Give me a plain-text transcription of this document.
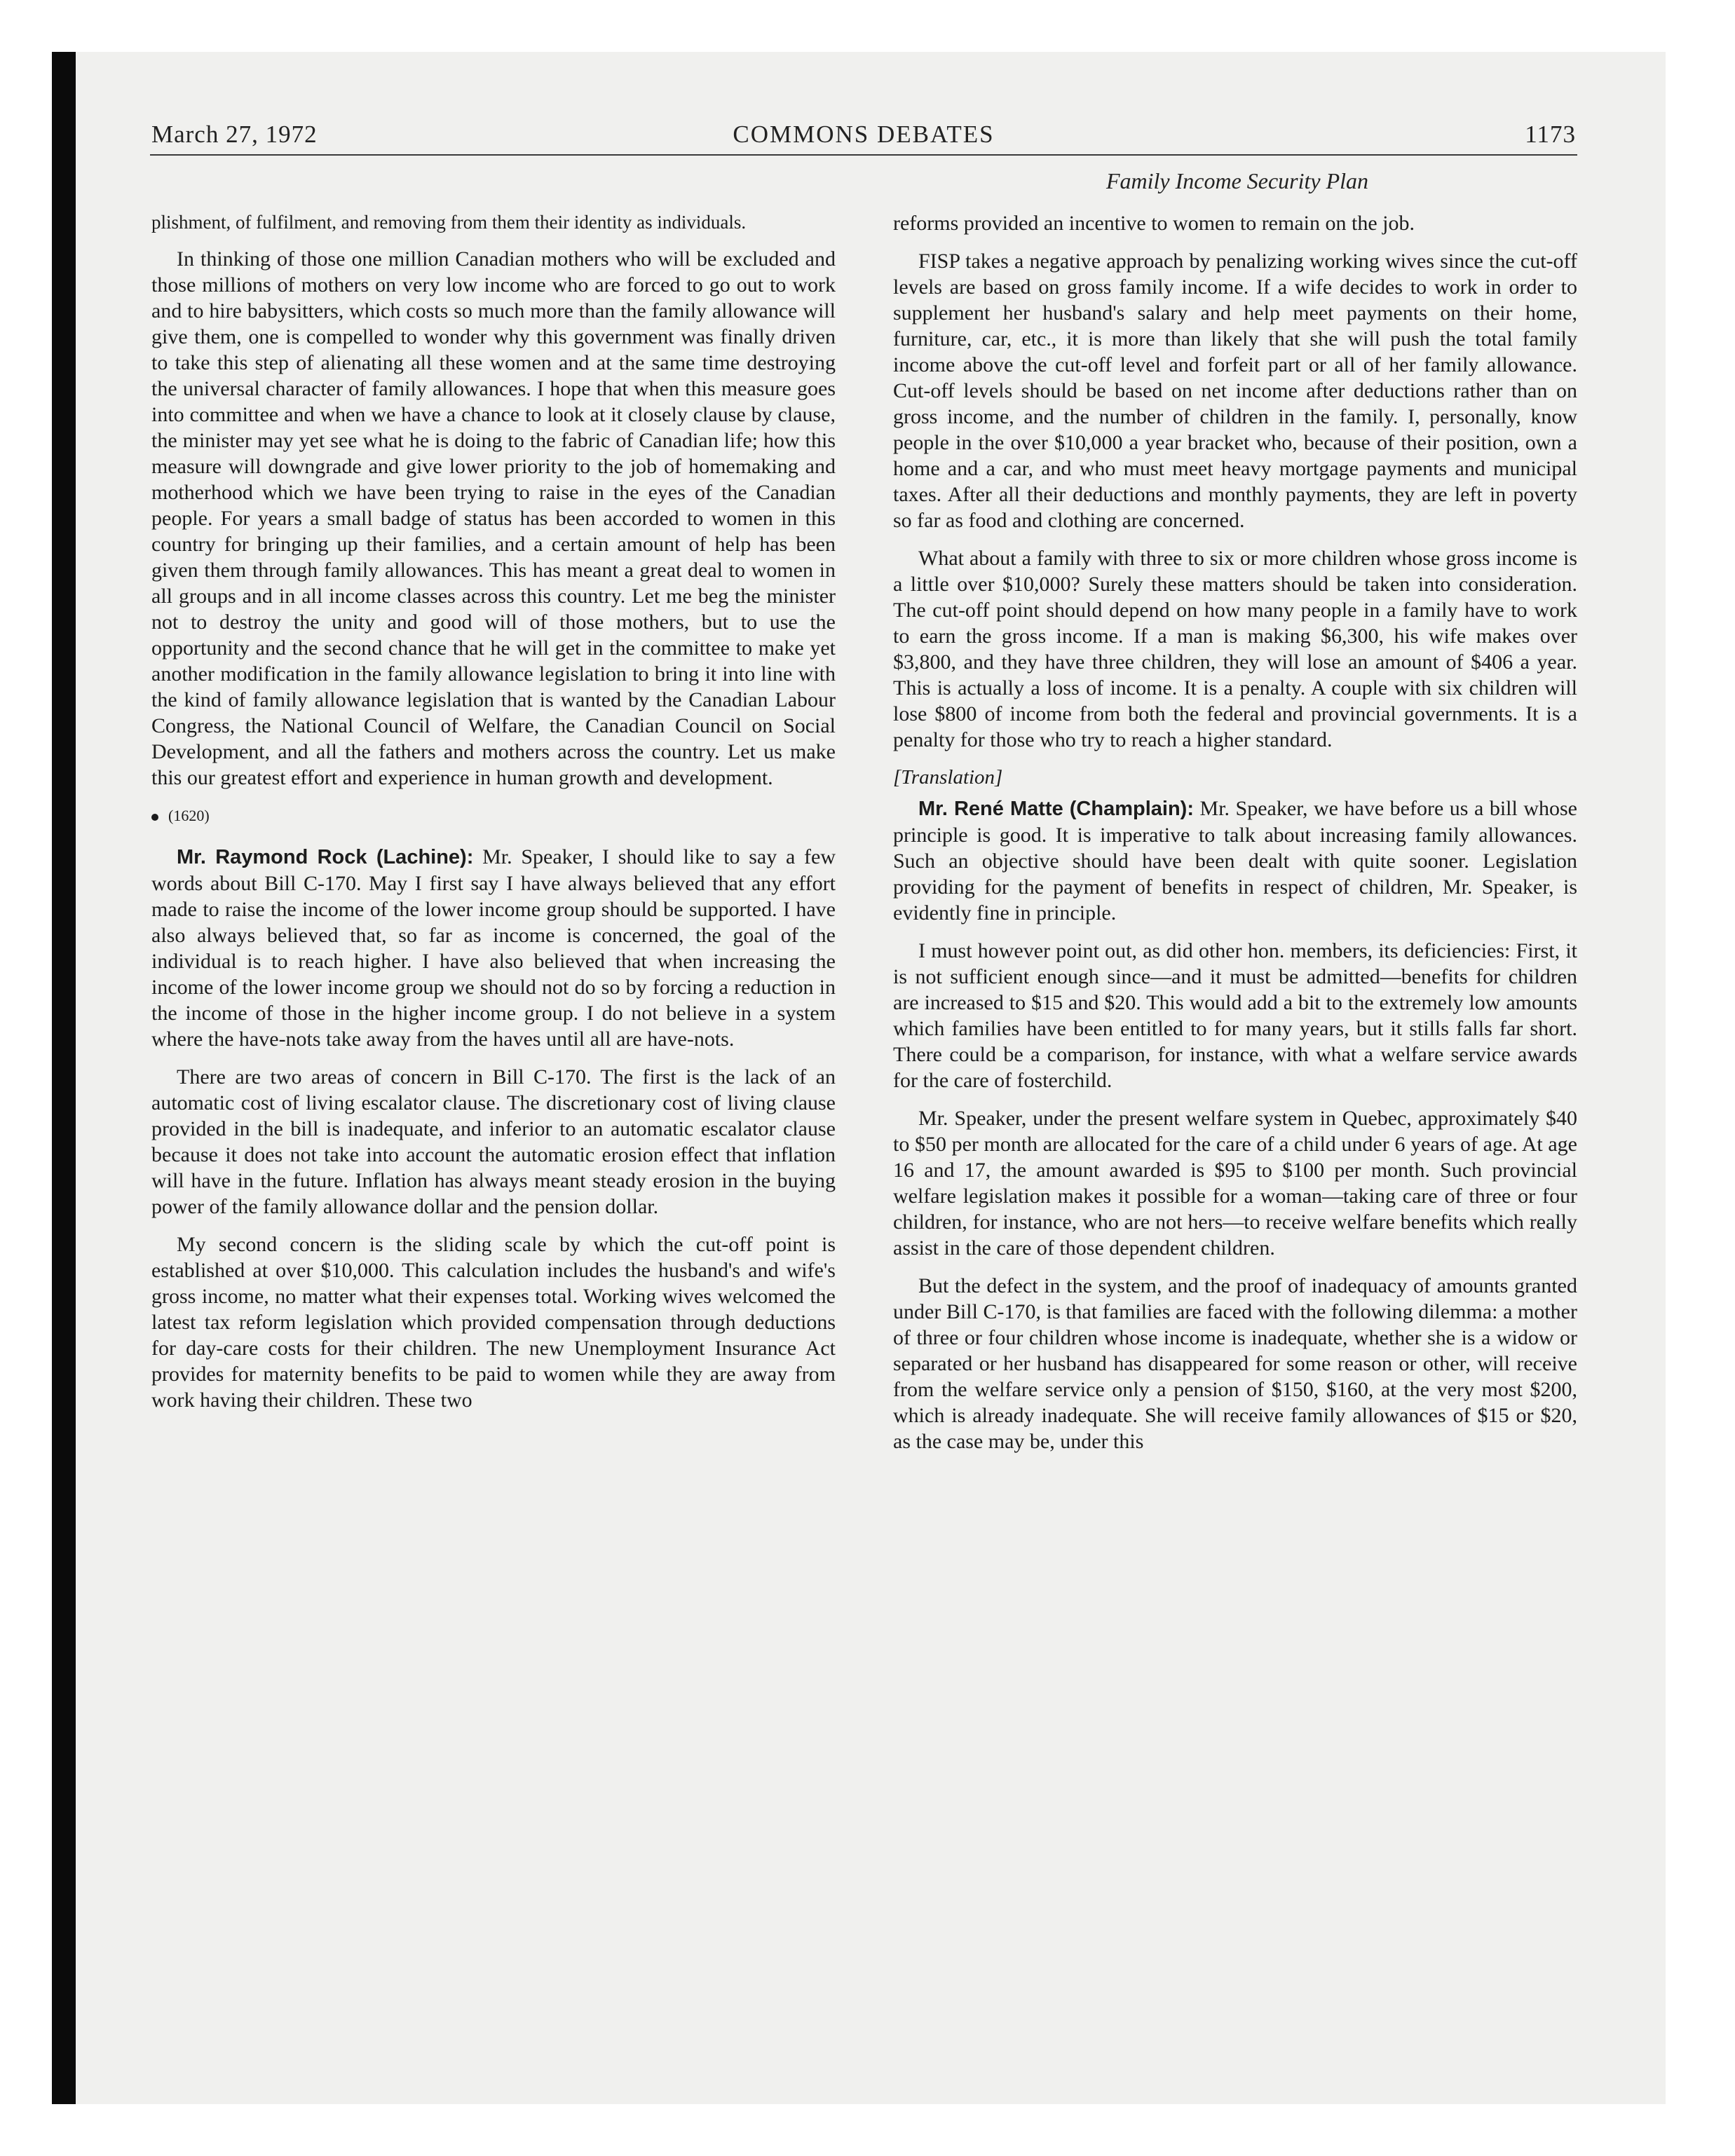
March 27, 1972	COMMONS DEBATES	1173
Family Income Security Plan

plishment, of fulfilment, and removing from them their identity as individuals.

In thinking of those one million Canadian mothers who will be excluded and those millions of mothers on very low income who are forced to go out to work and to hire babysitters, which costs so much more than the family allowance will give them, one is compelled to wonder why this government was finally driven to take this step of alienating all these women and at the same time destroying the universal character of family allowances. I hope that when this measure goes into committee and when we have a chance to look at it closely clause by clause, the minister may yet see what he is doing to the fabric of Canadian life; how this measure will downgrade and give lower priority to the job of homemaking and motherhood which we have been trying to raise in the eyes of the Canadian people. For years a small badge of status has been accorded to women in this country for bringing up their families, and a certain amount of help has been given them through family allowances. This has meant a great deal to women in all groups and in all income classes across this country. Let me beg the minister not to destroy the unity and good will of those mothers, but to use the opportunity and the second chance that he will get in the committee to make yet another modification in the family allowance legislation to bring it into line with the kind of family allowance legislation that is wanted by the Canadian Labour Congress, the National Council of Welfare, the Canadian Council on Social Development, and all the fathers and mothers across the country. Let us make this our greatest effort and experience in human growth and development.

(1620)

Mr. Raymond Rock (Lachine): Mr. Speaker, I should like to say a few words about Bill C-170. May I first say I have always believed that any effort made to raise the income of the lower income group should be supported. I have also always believed that, so far as income is concerned, the goal of the individual is to reach higher. I have also believed that when increasing the income of the lower income group we should not do so by forcing a reduction in the income of those in the higher income group. I do not believe in a system where the have-nots take away from the haves until all are have-nots.

There are two areas of concern in Bill C-170. The first is the lack of an automatic cost of living escalator clause. The discretionary cost of living clause provided in the bill is inadequate, and inferior to an automatic escalator clause because it does not take into account the automatic erosion effect that inflation will have in the future. Inflation has always meant steady erosion in the buying power of the family allowance dollar and the pension dollar.

My second concern is the sliding scale by which the cut-off point is established at over $10,000. This calculation includes the husband's and wife's gross income, no matter what their expenses total. Working wives welcomed the latest tax reform legislation which provided compensation through deductions for day-care costs for their children. The new Unemployment Insurance Act provides for maternity benefits to be paid to women while they are away from work having their children. These two

reforms provided an incentive to women to remain on the job.

FISP takes a negative approach by penalizing working wives since the cut-off levels are based on gross family income. If a wife decides to work in order to supplement her husband's salary and help meet payments on their home, furniture, car, etc., it is more than likely that she will push the total family income above the cut-off level and forfeit part or all of her family allowance. Cut-off levels should be based on net income after deductions rather than on gross income, and the number of children in the family. I, personally, know people in the over $10,000 a year bracket who, because of their position, own a home and a car, and who must meet heavy mortgage payments and municipal taxes. After all their deductions and monthly payments, they are left in poverty so far as food and clothing are concerned.

What about a family with three to six or more children whose gross income is a little over $10,000? Surely these matters should be taken into consideration. The cut-off point should depend on how many people in a family have to work to earn the gross income. If a man is making $6,300, his wife makes over $3,800, and they have three children, they will lose an amount of $406 a year. This is actually a loss of income. It is a penalty. A couple with six children will lose $800 of income from both the federal and provincial governments. It is a penalty for those who try to reach a higher standard.

[Translation]

Mr. René Matte (Champlain): Mr. Speaker, we have before us a bill whose principle is good. It is imperative to talk about increasing family allowances. Such an objective should have been dealt with quite sooner. Legislation providing for the payment of benefits in respect of children, Mr. Speaker, is evidently fine in principle.

I must however point out, as did other hon. members, its deficiencies: First, it is not sufficient enough since—and it must be admitted—benefits for children are increased to $15 and $20. This would add a bit to the extremely low amounts which families have been entitled to for many years, but it stills falls far short. There could be a comparison, for instance, with what a welfare service awards for the care of fosterchild.

Mr. Speaker, under the present welfare system in Quebec, approximately $40 to $50 per month are allocated for the care of a child under 6 years of age. At age 16 and 17, the amount awarded is $95 to $100 per month. Such provincial welfare legislation makes it possible for a woman—taking care of three or four children, for instance, who are not hers—to receive welfare benefits which really assist in the care of those dependent children.

But the defect in the system, and the proof of inadequacy of amounts granted under Bill C-170, is that families are faced with the following dilemma: a mother of three or four children whose income is inadequate, whether she is a widow or separated or her husband has disappeared for some reason or other, will receive from the welfare service only a pension of $150, $160, at the very most $200, which is already inadequate. She will receive family allowances of $15 or $20, as the case may be, under this
